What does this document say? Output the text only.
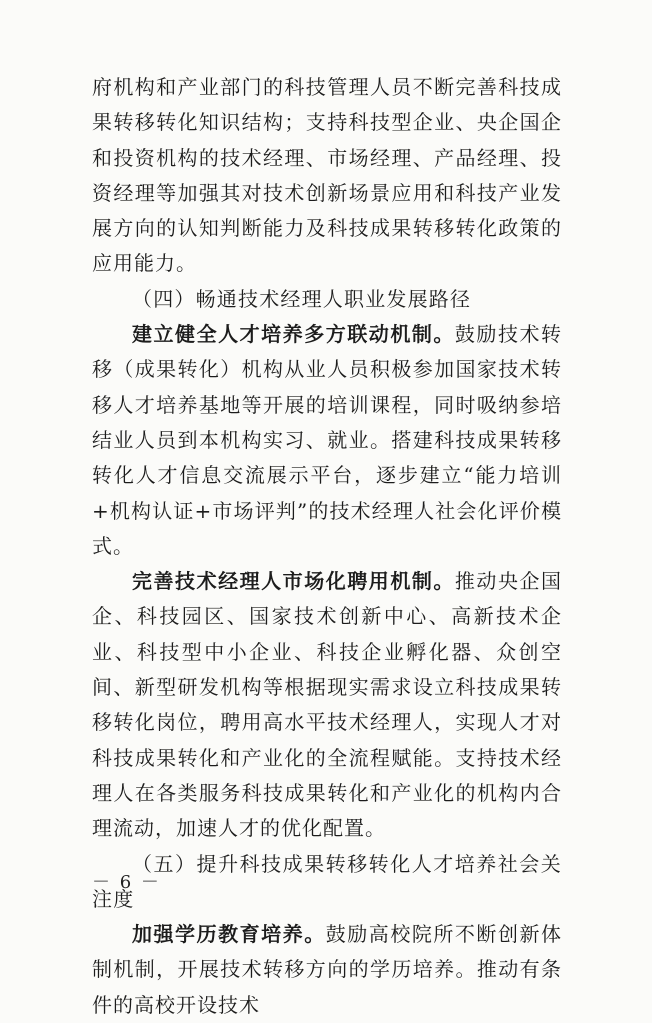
府机构和产业部门的科技管理人员不断完善科技成果转移转化知识结构；支持科技型企业、央企国企和投资机构的技术经理、市场经理、产品经理、投资经理等加强其对技术创新场景应用和科技产业发展方向的认知判断能力及科技成果转移转化政策的应用能力。

（四）畅通技术经理人职业发展路径

建立健全人才培养多方联动机制。鼓励技术转移（成果转化）机构从业人员积极参加国家技术转移人才培养基地等开展的培训课程，同时吸纳参培结业人员到本机构实习、就业。搭建科技成果转移转化人才信息交流展示平台，逐步建立“能力培训+机构认证+市场评判”的技术经理人社会化评价模式。

完善技术经理人市场化聘用机制。推动央企国企、科技园区、国家技术创新中心、高新技术企业、科技型中小企业、科技企业孵化器、众创空间、新型研发机构等根据现实需求设立科技成果转移转化岗位，聘用高水平技术经理人，实现人才对科技成果转化和产业化的全流程赋能。支持技术经理人在各类服务科技成果转化和产业化的机构内合理流动，加速人才的优化配置。

（五）提升科技成果转移转化人才培养社会关注度

加强学历教育培养。鼓励高校院所不断创新体制机制，开展技术转移方向的学历培养。推动有条件的高校开设技术

－ 6 －
